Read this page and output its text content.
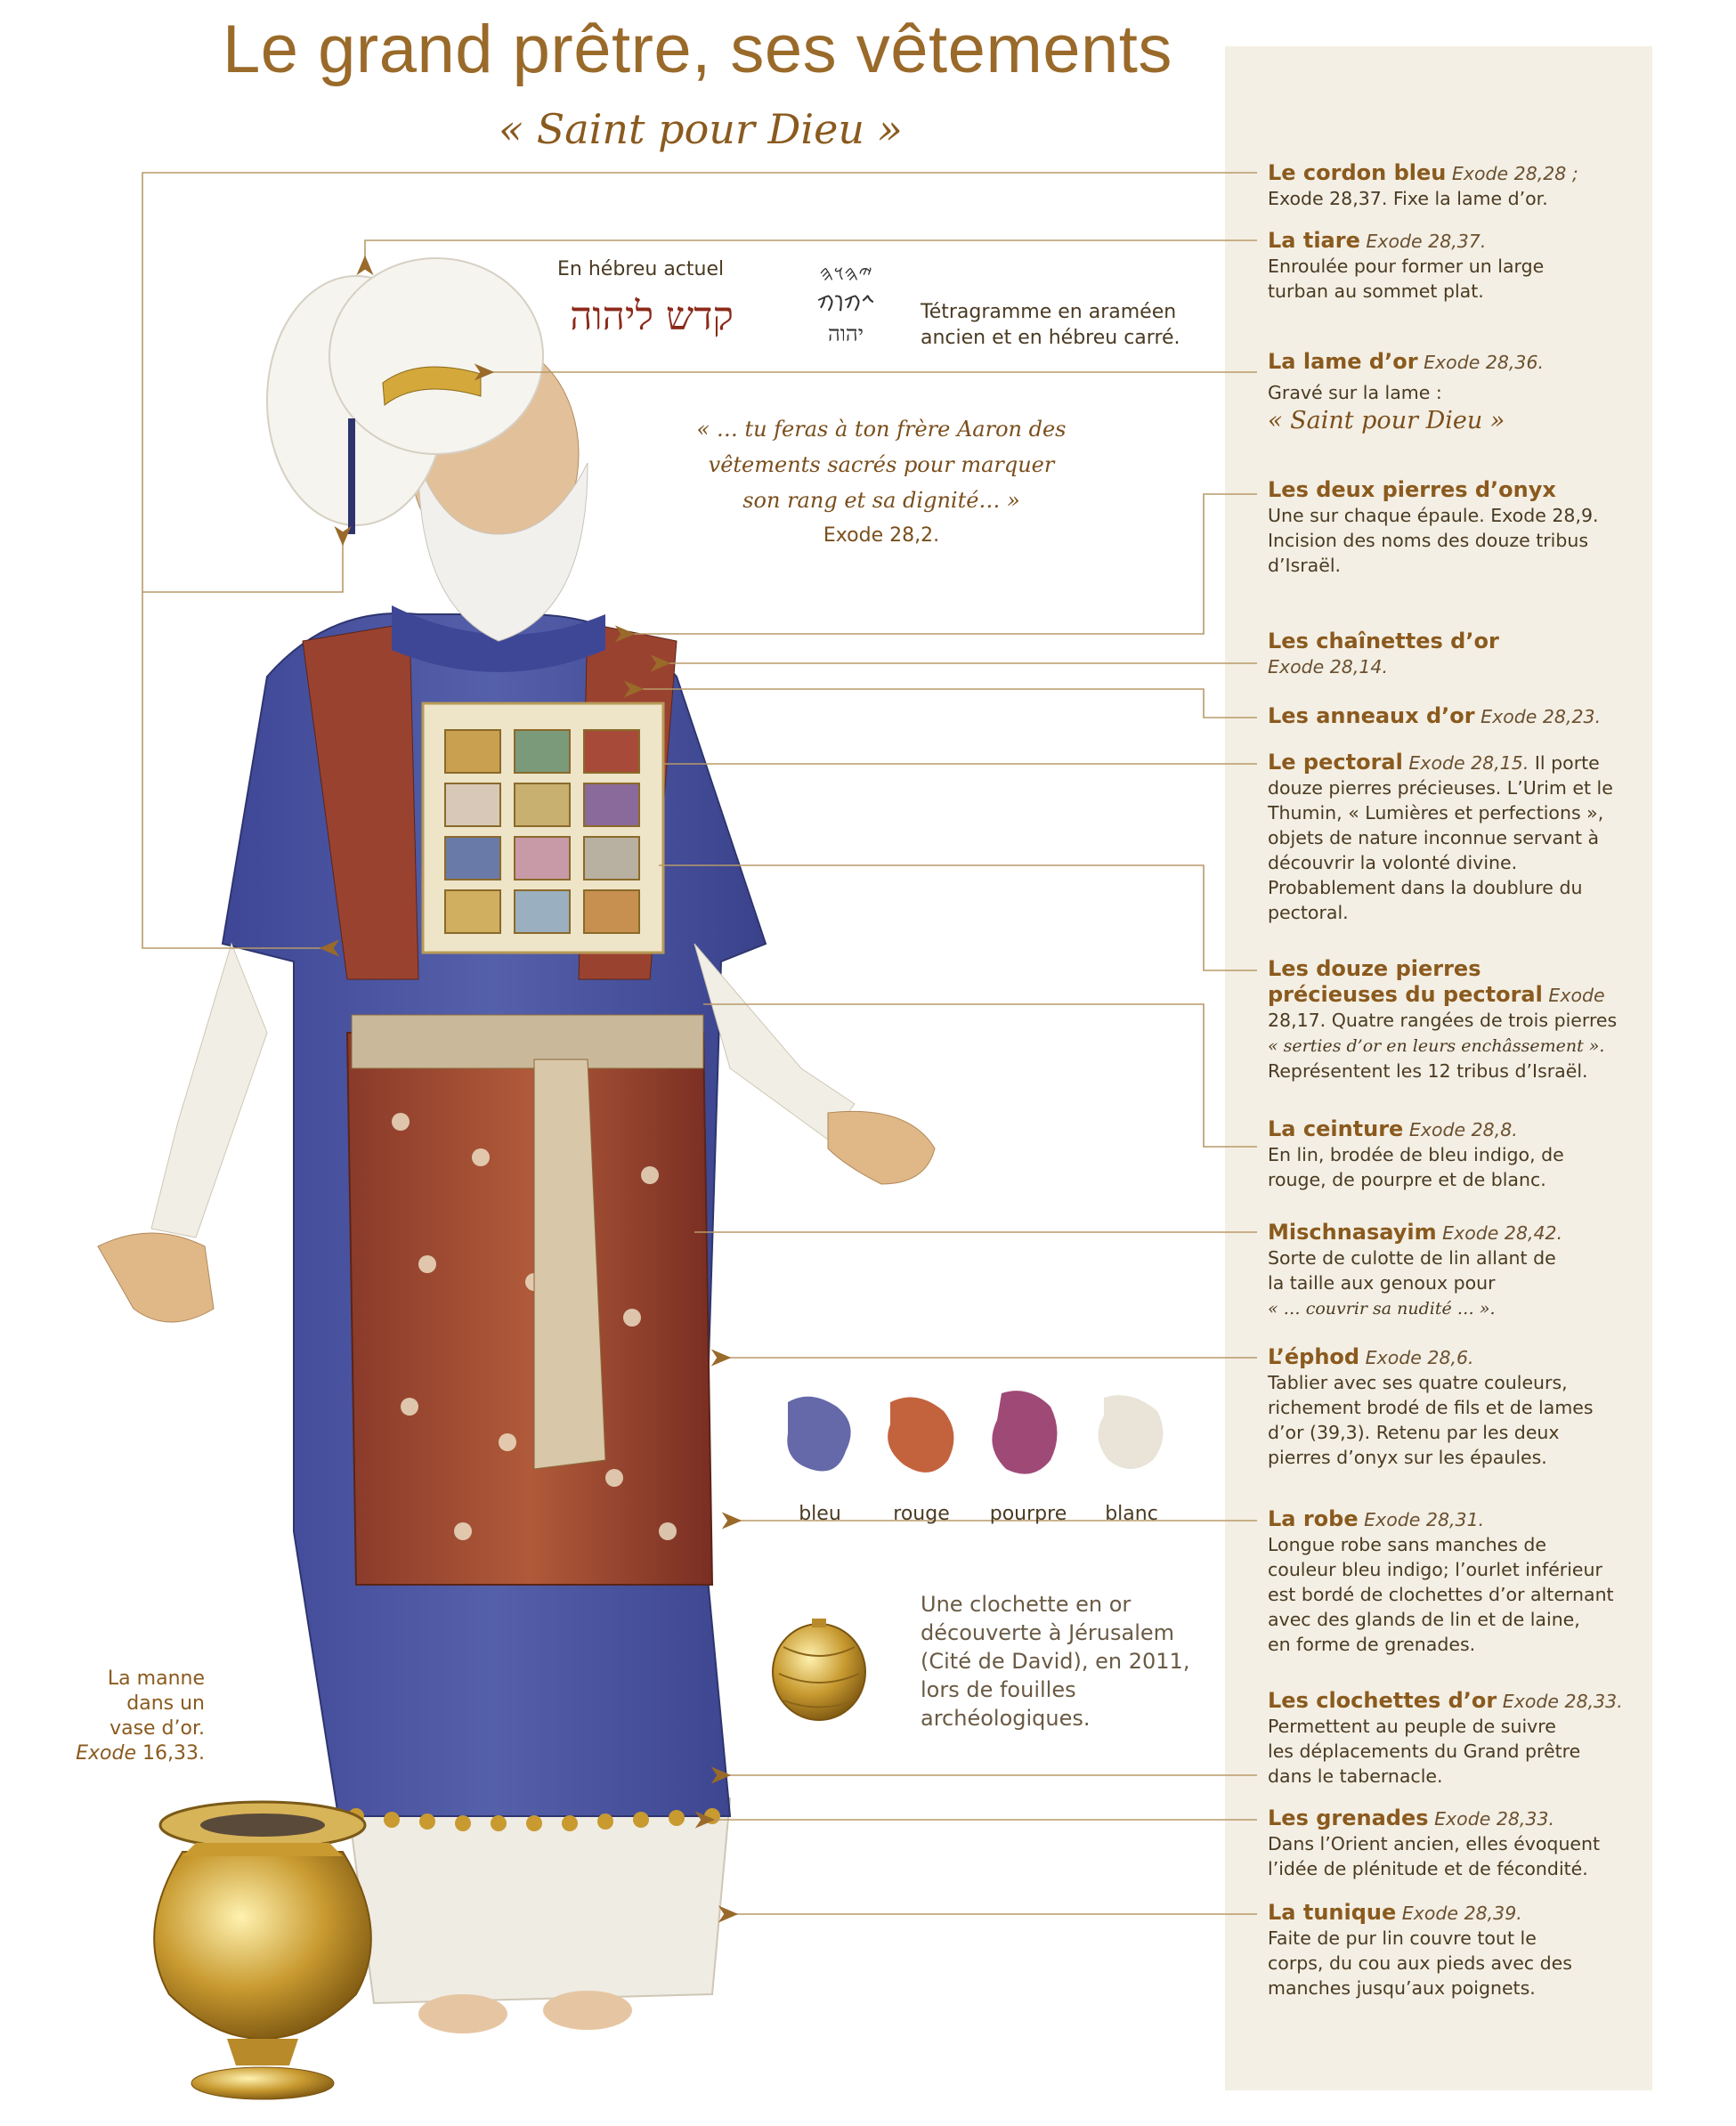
Le grand prêtre, ses vêtements
« Saint pour Dieu »
En hébreu actuel
קדש ליהוה
𐤉𐤄𐤅𐤄
𐡉𐡄𐡅𐡄
יהוה
Tétragramme en araméen
ancien et en hébreu carré.
« … tu feras à ton frère Aaron des
vêtements sacrés pour marquer
son rang et sa dignité… »
Exode 28,2.
Le cordon bleu Exode 28,28 ;
Exode 28,37. Fixe la lame d’or.
La tiare Exode 28,37.
Enroulée pour former un large
turban au sommet plat.
La lame d’or Exode 28,36.

Gravé sur la lame :
« Saint pour Dieu »
Les deux pierres d’onyx
Une sur chaque épaule. Exode 28,9.
Incision des noms des douze tribus
d’Israël.
Les chaînettes d’or
Exode 28,14.
Les anneaux d’or Exode 28,23.
Le pectoral Exode 28,15. Il porte
douze pierres précieuses. L’Urim et le
Thumin, « Lumières et perfections »,
objets de nature inconnue servant à
découvrir la volonté divine.
Probablement dans la doublure du
pectoral.
Les douze pierres
précieuses du pectoral Exode
28,17. Quatre rangées de trois pierres
« serties d’or en leurs enchâssement ».
Représentent les 12 tribus d’Israël.
La ceinture Exode 28,8.
En lin, brodée de bleu indigo, de
rouge, de pourpre et de blanc.
Mischnasayim Exode 28,42.
Sorte de culotte de lin allant de
la taille aux genoux pour
« … couvrir sa nudité … ».
L’éphod Exode 28,6.
Tablier avec ses quatre couleurs,
richement brodé de fils et de lames
d’or (39,3). Retenu par les deux
pierres d’onyx sur les épaules.
La robe Exode 28,31.
Longue robe sans manches de
couleur bleu indigo; l’ourlet inférieur
est bordé de clochettes d’or alternant
avec des glands de lin et de laine,
en forme de grenades.
Les clochettes d’or Exode 28,33.
Permettent au peuple de suivre
les déplacements du Grand prêtre
dans le tabernacle.
Les grenades Exode 28,33.
Dans l’Orient ancien, elles évoquent
l’idée de plénitude et de fécondité.
La tunique Exode 28,39.
Faite de pur lin couvre tout le
corps, du cou aux pieds avec des
manches jusqu’aux poignets.
bleu	rouge	pourpre	blanc
Une clochette en or
découverte à Jérusalem
(Cité de David), en 2011,
lors de fouilles
archéologiques.
La manne
dans un
vase d’or.
Exode 16,33.
